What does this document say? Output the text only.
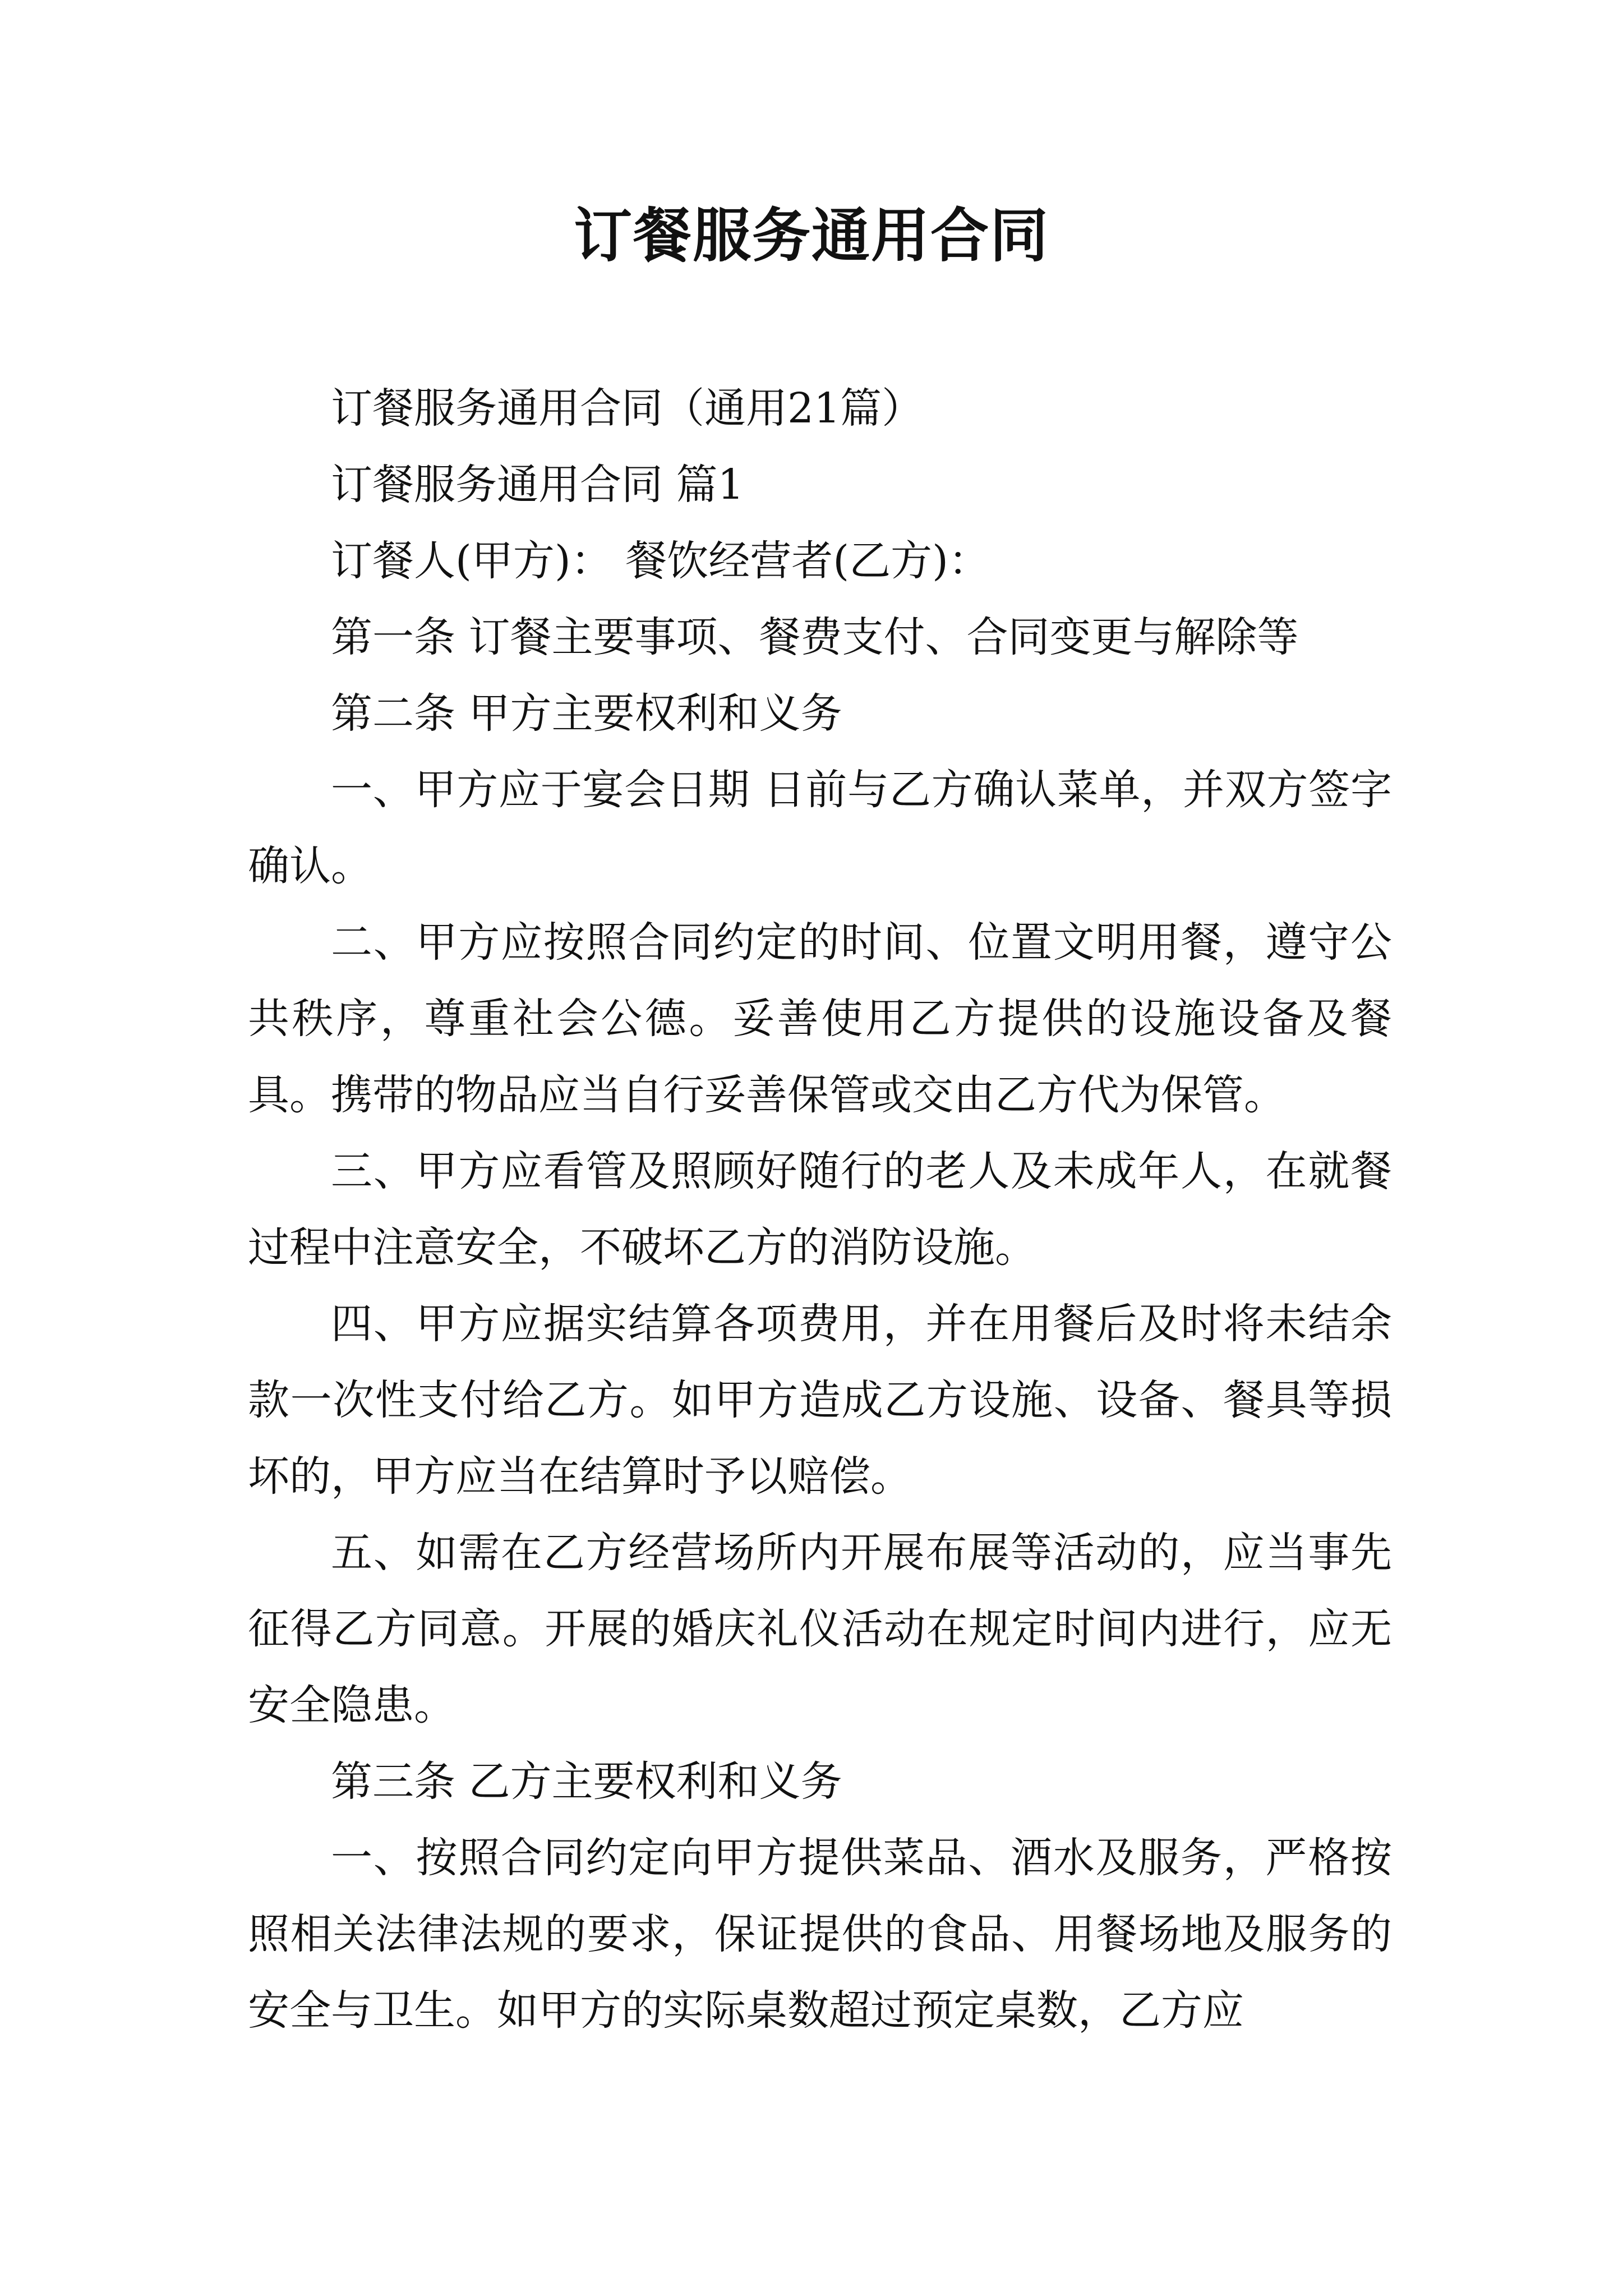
订餐服务通用合同

订餐服务通用合同（通用21篇）

订餐服务通用合同 篇1

订餐人(甲方)： 餐饮经营者(乙方)：

第一条 订餐主要事项、餐费支付、合同变更与解除等

第二条 甲方主要权利和义务

一、甲方应于宴会日期 日前与乙方确认菜单，并双方签字确认。

二、甲方应按照合同约定的时间、位置文明用餐，遵守公共秩序，尊重社会公德。妥善使用乙方提供的设施设备及餐具。携带的物品应当自行妥善保管或交由乙方代为保管。

三、甲方应看管及照顾好随行的老人及未成年人，在就餐过程中注意安全，不破坏乙方的消防设施。

四、甲方应据实结算各项费用，并在用餐后及时将未结余款一次性支付给乙方。如甲方造成乙方设施、设备、餐具等损坏的，甲方应当在结算时予以赔偿。

五、如需在乙方经营场所内开展布展等活动的，应当事先征得乙方同意。开展的婚庆礼仪活动在规定时间内进行，应无安全隐患。

第三条 乙方主要权利和义务

一、按照合同约定向甲方提供菜品、酒水及服务，严格按照相关法律法规的要求，保证提供的食品、用餐场地及服务的安全与卫生。如甲方的实际桌数超过预定桌数，乙方应
